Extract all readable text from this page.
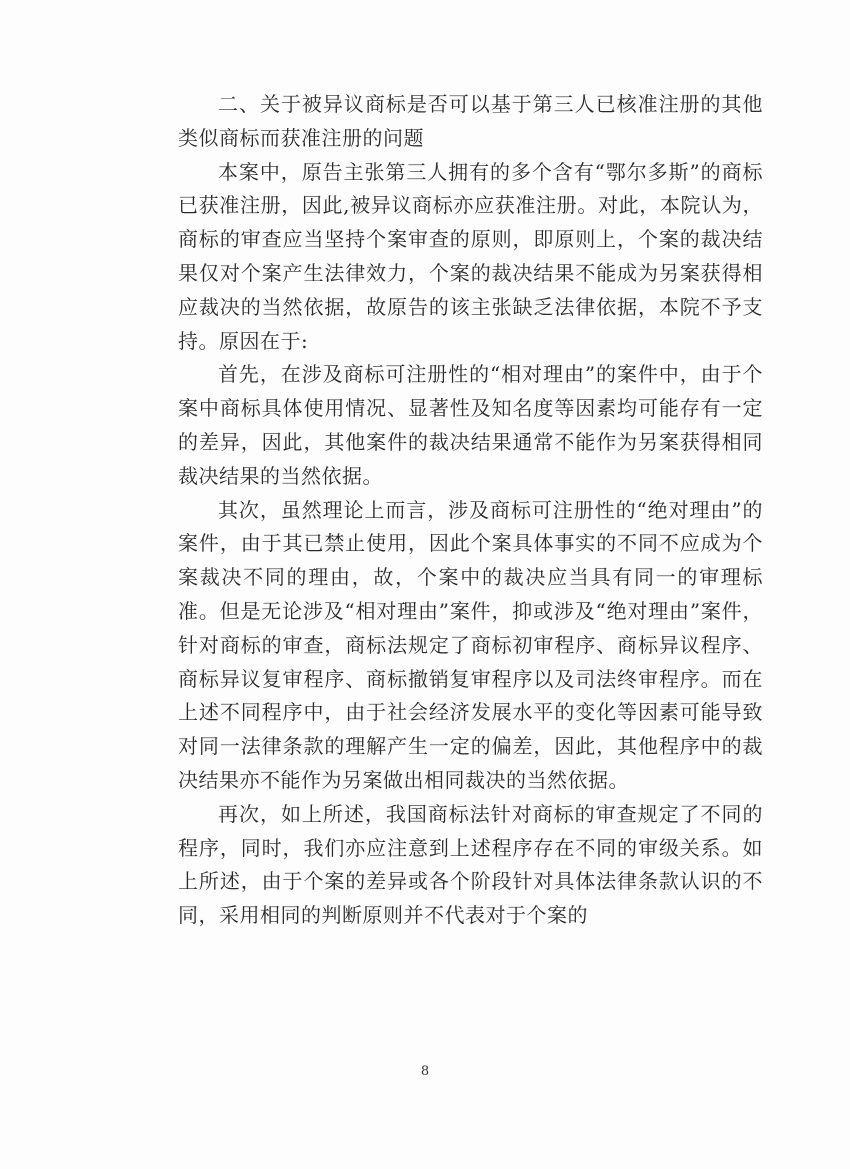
二、关于被异议商标是否可以基于第三人已核准注册的其他类似商标而获准注册的问题

本案中，原告主张第三人拥有的多个含有“鄂尔多斯”的商标已获准注册，因此,被异议商标亦应获准注册。对此，本院认为，商标的审查应当坚持个案审查的原则，即原则上，个案的裁决结果仅对个案产生法律效力，个案的裁决结果不能成为另案获得相应裁决的当然依据，故原告的该主张缺乏法律依据，本院不予支持。原因在于:

首先，在涉及商标可注册性的“相对理由”的案件中，由于个案中商标具体使用情况、显著性及知名度等因素均可能存有一定的差异，因此，其他案件的裁决结果通常不能作为另案获得相同裁决结果的当然依据。

其次，虽然理论上而言，涉及商标可注册性的“绝对理由”的案件，由于其已禁止使用，因此个案具体事实的不同不应成为个案裁决不同的理由，故，个案中的裁决应当具有同一的审理标准。但是无论涉及“相对理由”案件，抑或涉及“绝对理由”案件，针对商标的审查，商标法规定了商标初审程序、商标异议程序、商标异议复审程序、商标撤销复审程序以及司法终审程序。而在上述不同程序中，由于社会经济发展水平的变化等因素可能导致对同一法律条款的理解产生一定的偏差，因此，其他程序中的裁决结果亦不能作为另案做出相同裁决的当然依据。

再次，如上所述，我国商标法针对商标的审查规定了不同的程序，同时，我们亦应注意到上述程序存在不同的审级关系。如上所述，由于个案的差异或各个阶段针对具体法律条款认识的不同，采用相同的判断原则并不代表对于个案的

8
